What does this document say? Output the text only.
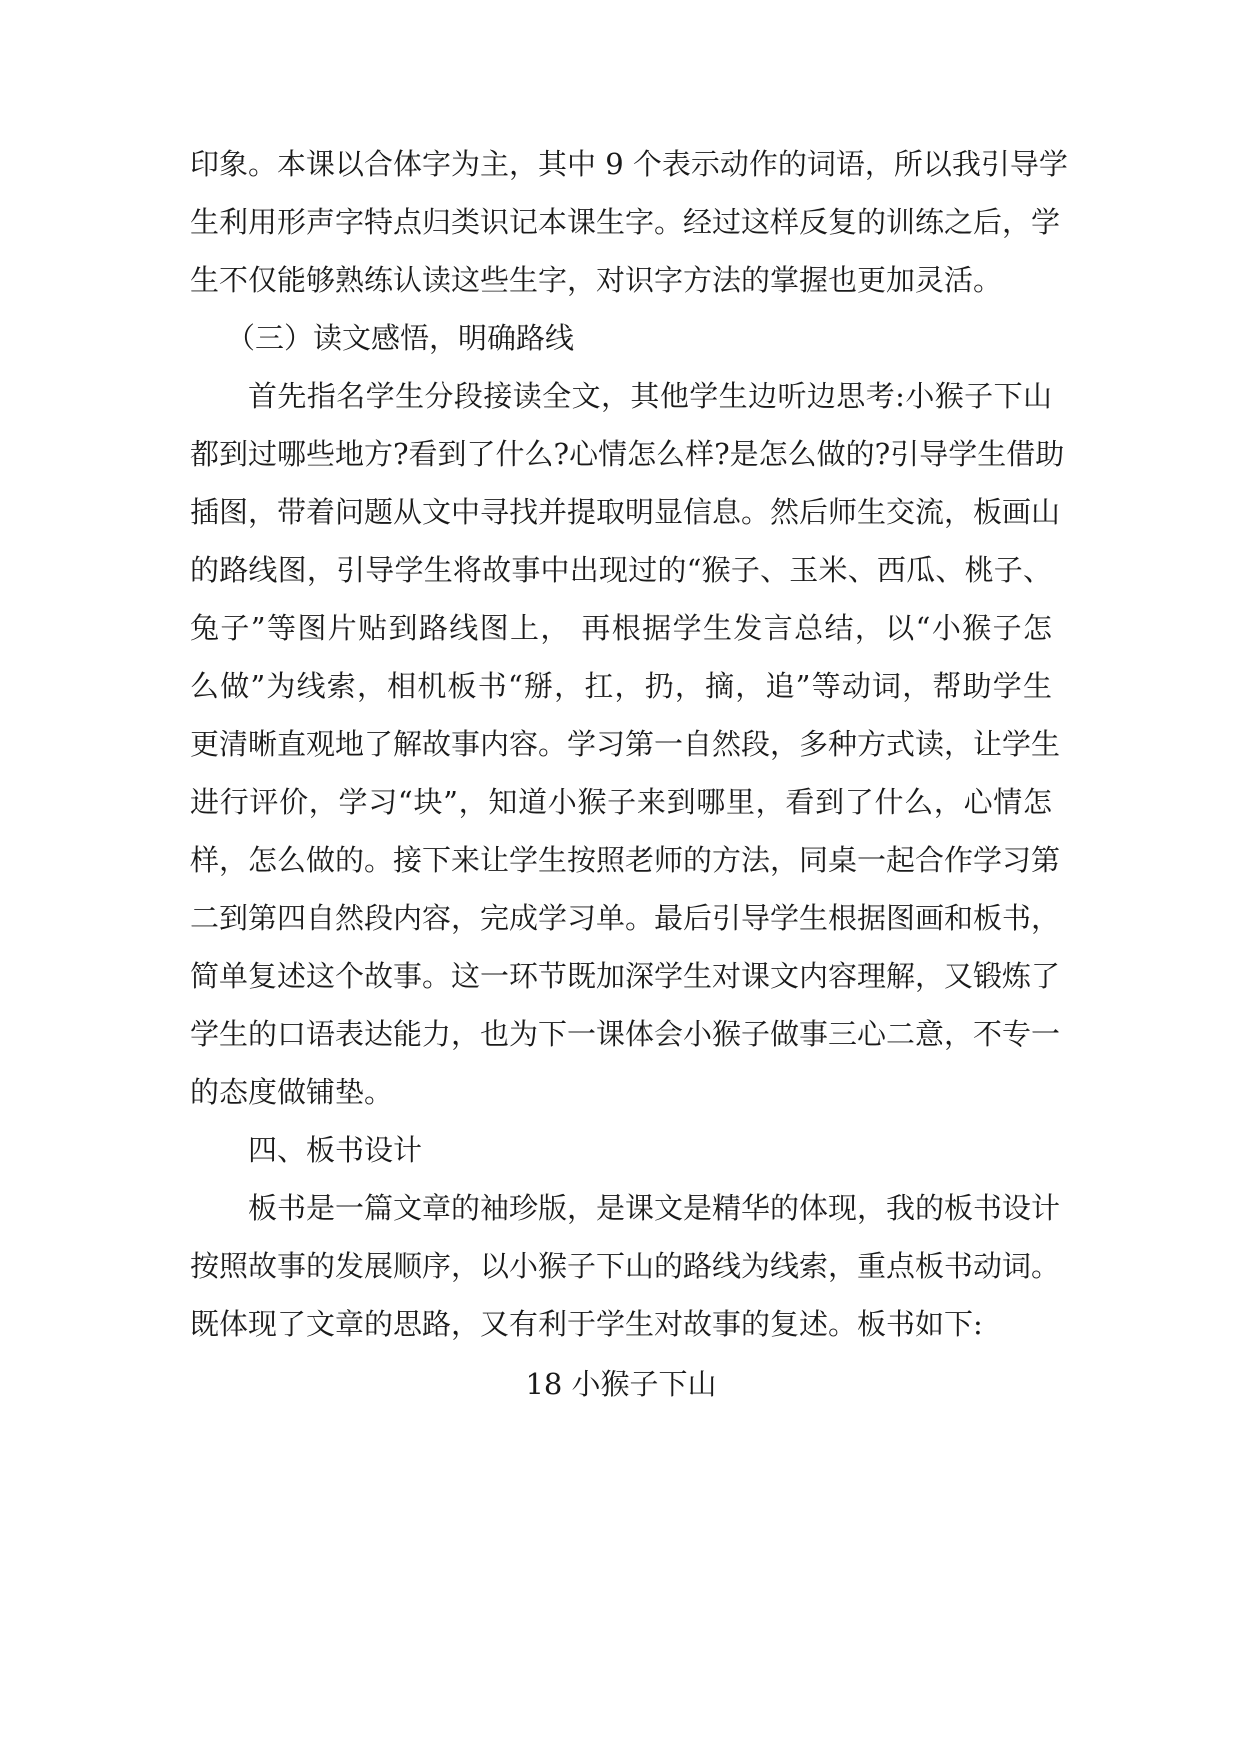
印象。本课以合体字为主，其中 9 个表示动作的词语，所以我引导学
生利用形声字特点归类识记本课生字。经过这样反复的训练之后，学
生不仅能够熟练认读这些生字，对识字方法的掌握也更加灵活。
（三）读文感悟，明确路线
首先指名学生分段接读全文，其他学生边听边思考:小猴子下山
都到过哪些地方?看到了什么?心情怎么样?是怎么做的?引导学生借助
插图，带着问题从文中寻找并提取明显信息。然后师生交流，板画山
的路线图，引导学生将故事中出现过的“猴子、玉米、西瓜、桃子、
兔子”等图片贴到路线图上， 再根据学生发言总结，以“小猴子怎
么做”为线索，相机板书“掰，扛，扔，摘，追”等动词，帮助学生
更清晰直观地了解故事内容。学习第一自然段，多种方式读，让学生
进行评价，学习“块”，知道小猴子来到哪里，看到了什么，心情怎
样，怎么做的。接下来让学生按照老师的方法，同桌一起合作学习第
二到第四自然段内容，完成学习单。最后引导学生根据图画和板书，
简单复述这个故事。这一环节既加深学生对课文内容理解，又锻炼了
学生的口语表达能力，也为下一课体会小猴子做事三心二意，不专一
的态度做铺垫。
四、板书设计
板书是一篇文章的袖珍版，是课文是精华的体现，我的板书设计
按照故事的发展顺序，以小猴子下山的路线为线索，重点板书动词。
既体现了文章的思路，又有利于学生对故事的复述。板书如下:
18 小猴子下山
